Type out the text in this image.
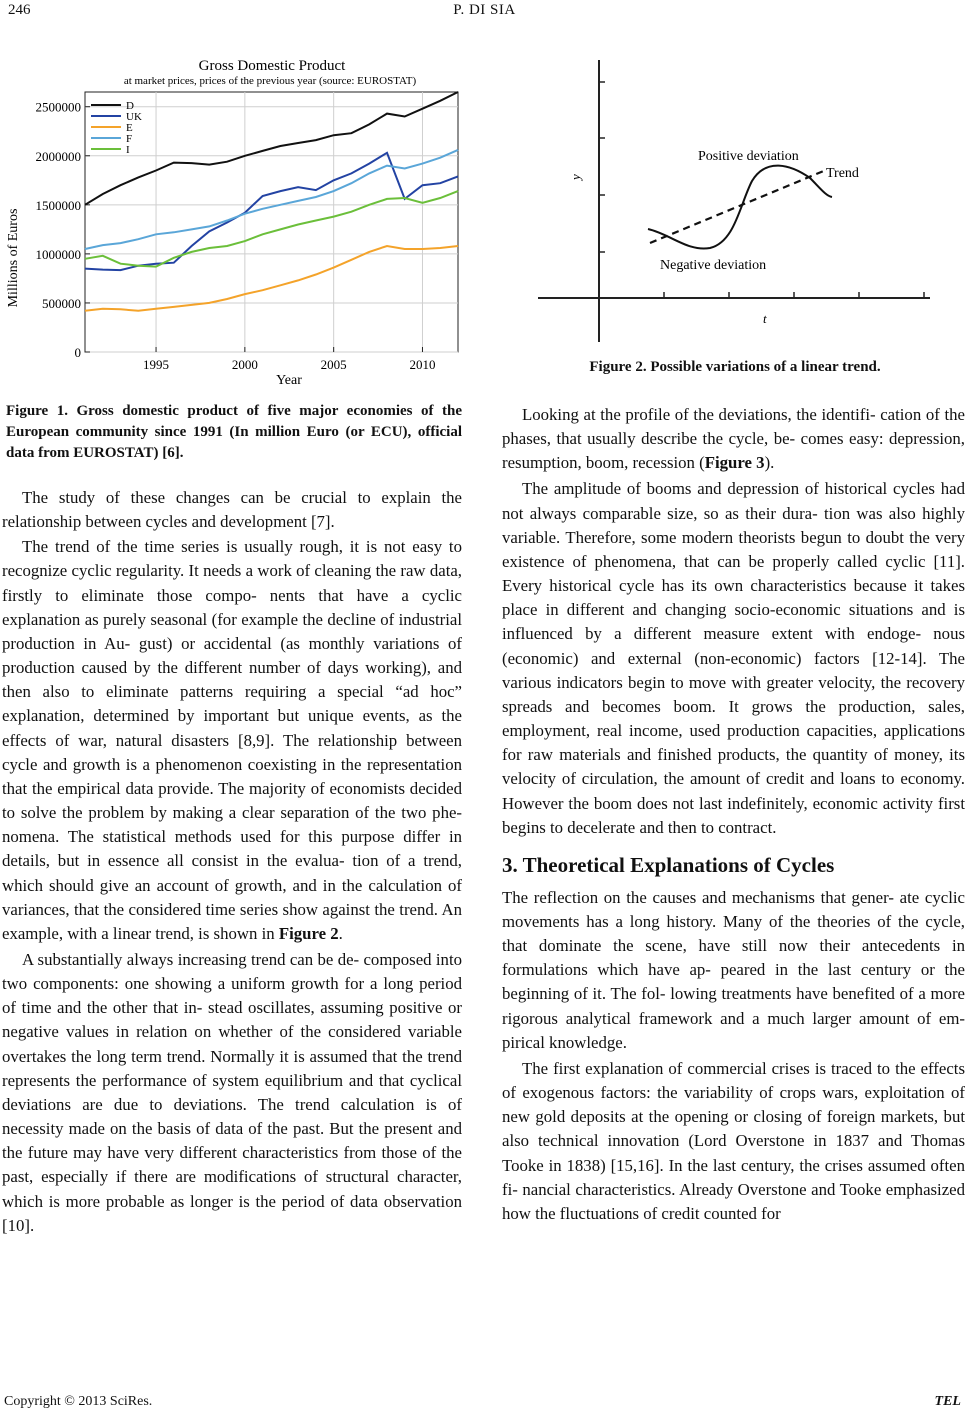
246	P. DI SIA
Gross Domestic Product
at market prices, prices of the previous year (source: EUROSTAT)
Millions of Euros
Year
0
500000
1000000
1500000
2000000
2500000
1995	2000	2005	2010
D
UK
E
F
I

Figure 1. Gross domestic product of five major economies of the European community since 1991 (In million Euro (or ECU), official data from EUROSTAT) [6].

Positive deviation
Trend
Negative deviation
y
t

Figure 2. Possible variations of a linear trend.

The study of these changes can be crucial to explain the relationship between cycles and development [7].

The trend of the time series is usually rough, it is not easy to recognize cyclic regularity. It needs a work of cleaning the raw data, firstly to eliminate those compo- nents that have a cyclic explanation as purely seasonal (for example the decline of industrial production in Au- gust) or accidental (as monthly variations of production caused by the different number of days working), and then also to eliminate patterns requiring a special “ad hoc” explanation, determined by important but unique events, as the effects of war, natural disasters [8,9]. The relationship between cycle and growth is a phenomenon coexisting in the representation that the empirical data provide. The majority of economists decided to solve the problem by making a clear separation of the two phe- nomena. The statistical methods used for this purpose differ in details, but in essence all consist in the evalua- tion of a trend, which should give an account of growth, and in the calculation of variances, that the considered time series show against the trend. An example, with a linear trend, is shown in Figure 2.

A substantially always increasing trend can be de- composed into two components: one showing a uniform growth for a long period of time and the other that in- stead oscillates, assuming positive or negative values in relation on whether of the considered variable overtakes the long term trend. Normally it is assumed that the trend represents the performance of system equilibrium and that cyclical deviations are due to deviations. The trend calculation is of necessity made on the basis of data of the past. But the present and the future may have very different characteristics from those of the past, especially if there are modifications of structural character, which is more probable as longer is the period of data observation [10].

Looking at the profile of the deviations, the identifi- cation of the phases, that usually describe the cycle, be- comes easy: depression, resumption, boom, recession (Figure 3).

The amplitude of booms and depression of historical cycles had not always comparable size, so as their dura- tion was also highly variable. Therefore, some modern theorists begun to doubt the very existence of phenomena, that can be properly called cyclic [11]. Every historical cycle has its own characteristics because it takes place in different and changing socio-economic situations and is influenced by a different measure extent with endoge- nous (economic) and external (non-economic) factors [12-14]. The various indicators begin to move with greater velocity, the recovery spreads and becomes boom. It grows the production, sales, employment, real income, used production capacities, applications for raw materials and finished products, the quantity of money, its velocity of circulation, the amount of credit and loans to economy. However the boom does not last indefinitely, economic activity first begins to decelerate and then to contract.

3. Theoretical Explanations of Cycles

The reflection on the causes and mechanisms that gener- ate cyclic movements has a long history. Many of the theories of the cycle, that dominate the scene, have still now their antecedents in formulations which have ap- peared in the last century or the beginning of it. The fol- lowing treatments have benefited of a more rigorous analytical framework and a much larger amount of em- pirical knowledge.

The first explanation of commercial crises is traced to the effects of exogenous factors: the variability of crops wars, exploitation of new gold deposits at the opening or closing of foreign markets, but also technical innovation (Lord Overstone in 1837 and Thomas Tooke in 1838) [15,16]. In the last century, the crises assumed often fi- nancial characteristics. Already Overstone and Tooke emphasized how the fluctuations of credit counted for

Copyright © 2013 SciRes.	TEL
